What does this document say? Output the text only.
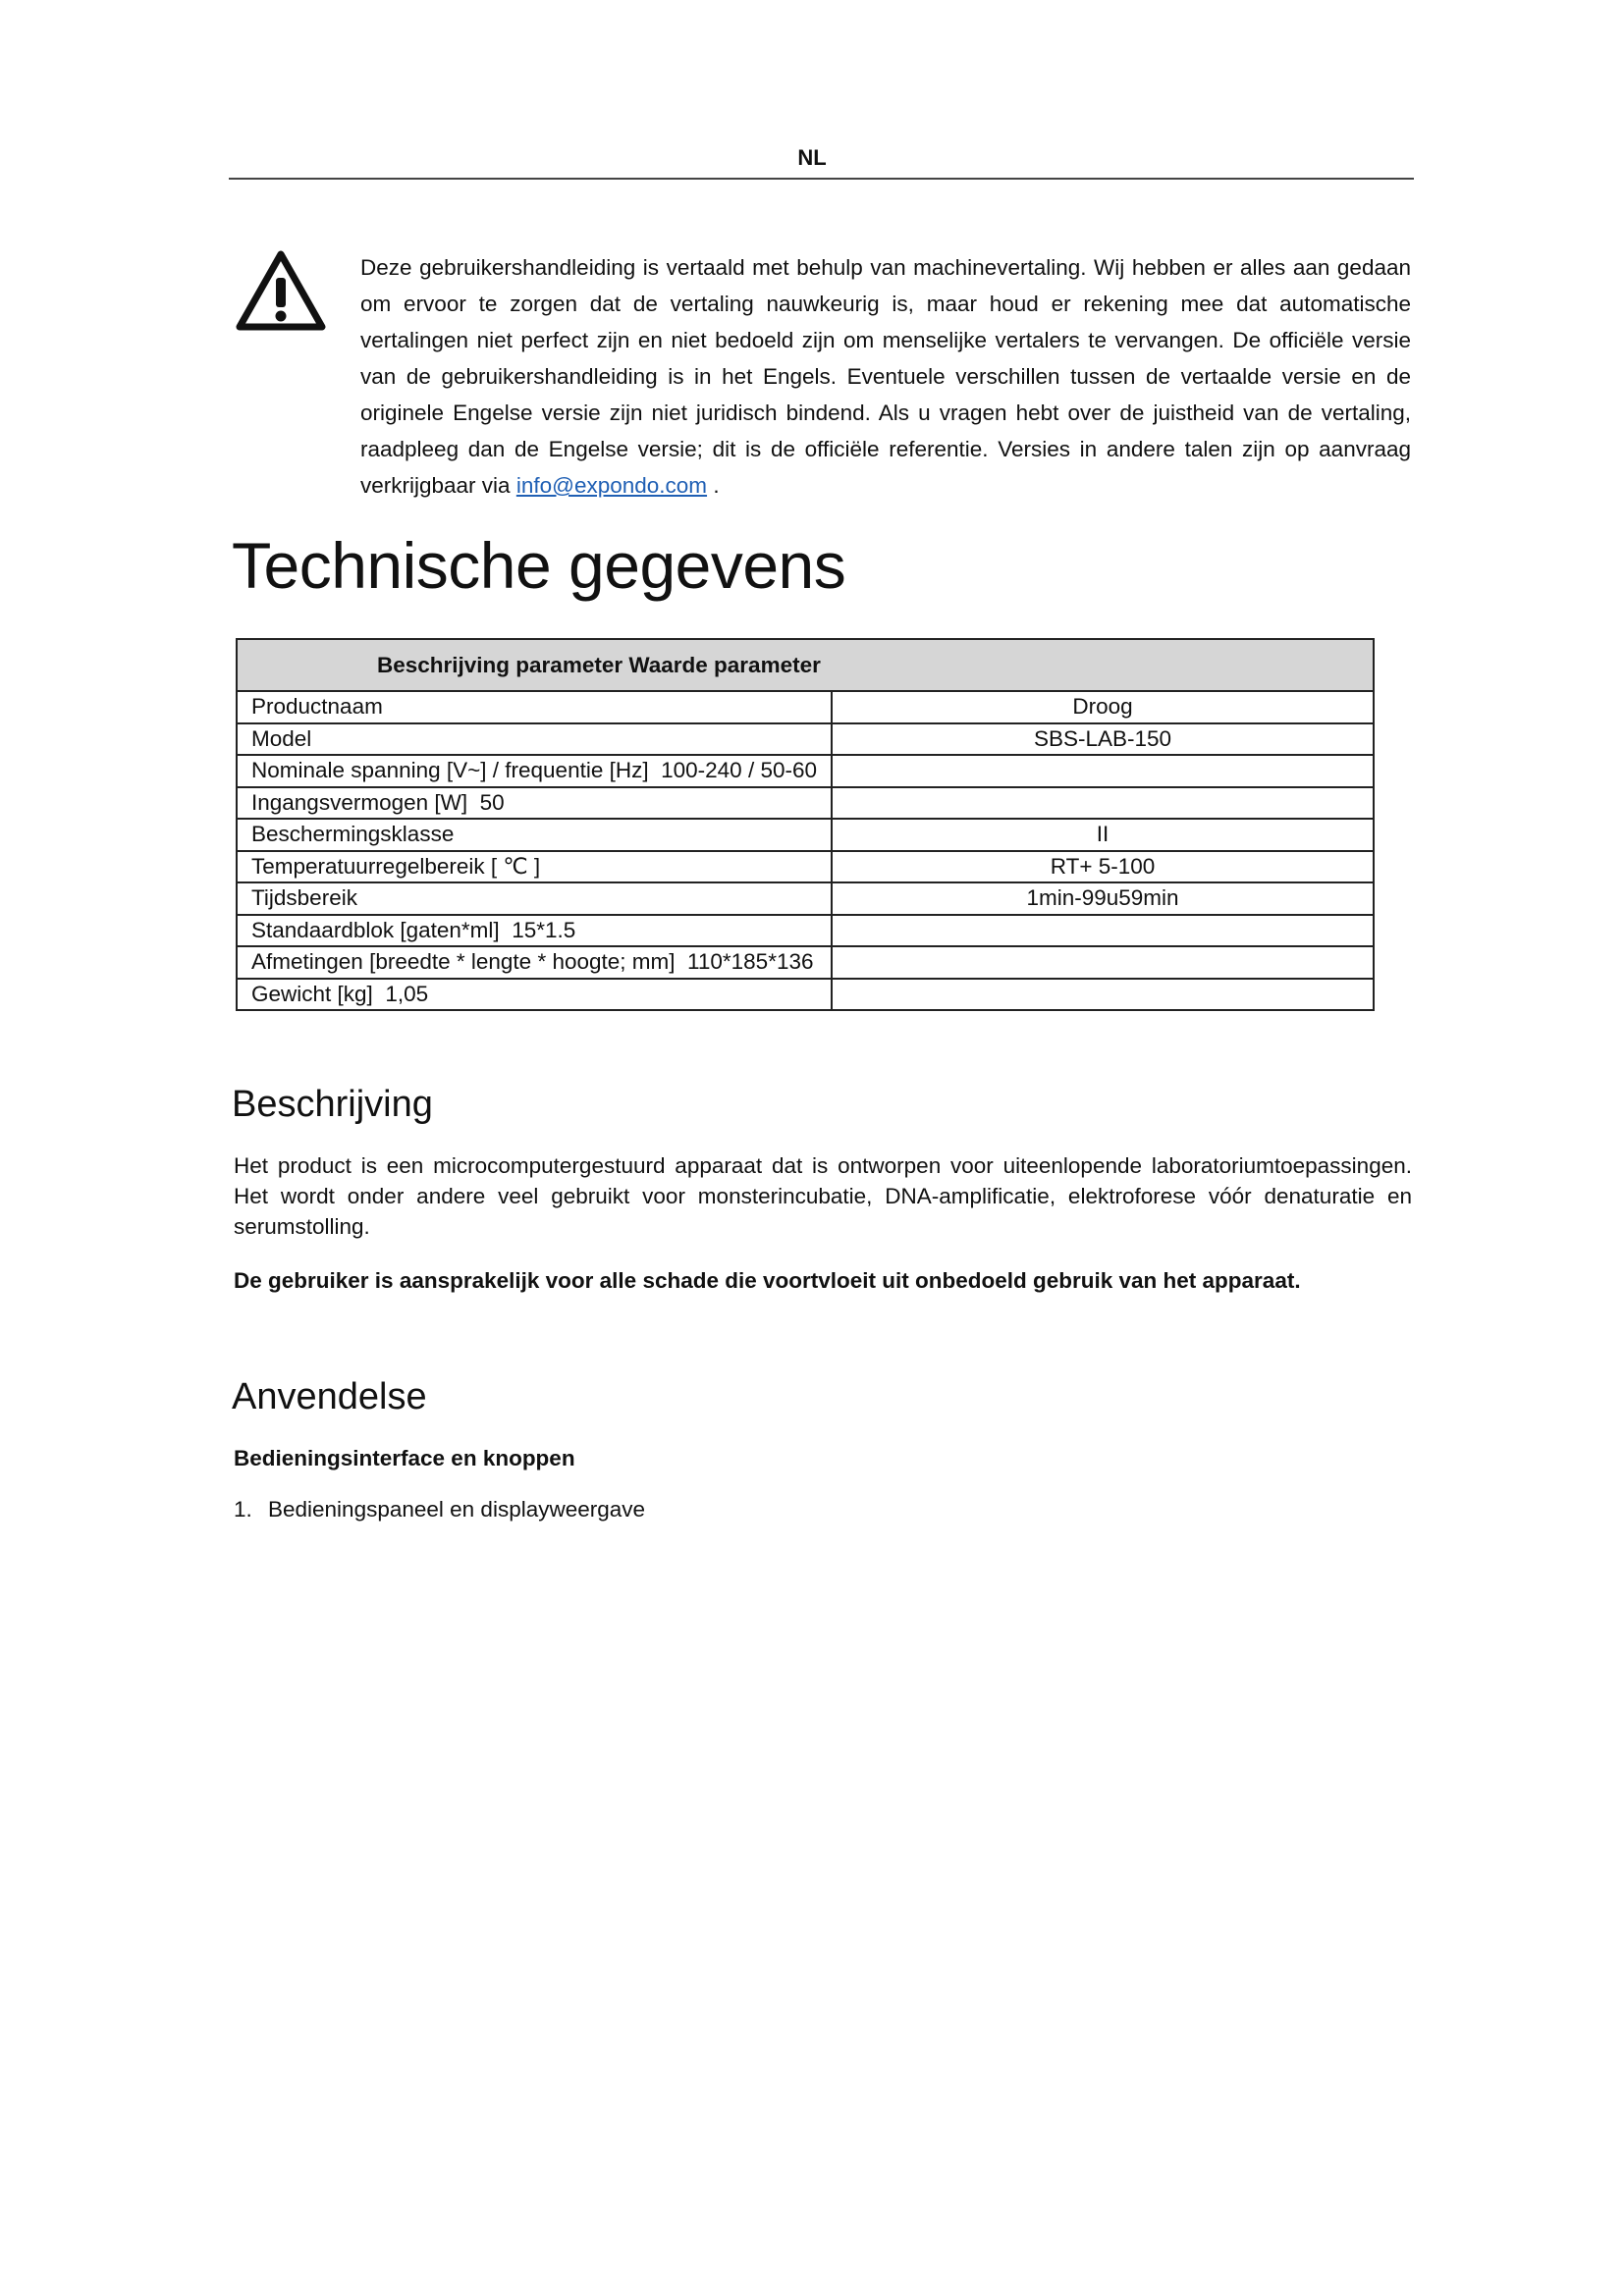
NL
Deze gebruikershandleiding is vertaald met behulp van machinevertaling. Wij hebben er alles aan gedaan om ervoor te zorgen dat de vertaling nauwkeurig is, maar houd er rekening mee dat automatische vertalingen niet perfect zijn en niet bedoeld zijn om menselijke vertalers te vervangen. De officiële versie van de gebruikershandleiding is in het Engels. Eventuele verschillen tussen de vertaalde versie en de originele Engelse versie zijn niet juridisch bindend. Als u vragen hebt over de juistheid van de vertaling, raadpleeg dan de Engelse versie; dit is de officiële referentie. Versies in andere talen zijn op aanvraag verkrijgbaar via info@expondo.com .
Technische gegevens
Beschrijving parameter Waarde parameter	
Productnaam	Droog
Model	SBS-LAB-150
Nominale spanning [V~] / frequentie [Hz] 100-240 / 50-60	
Ingangsvermogen [W] 50	
Beschermingsklasse	II
Temperatuurregelbereik [ ℃ ]	RT+ 5-100
Tijdsbereik	1min-99u59min
Standaardblok [gaten*ml] 15*1.5	
Afmetingen [breedte * lengte * hoogte; mm] 110*185*136	
Gewicht [kg] 1,05	
Beschrijving
Het product is een microcomputergestuurd apparaat dat is ontworpen voor uiteenlopende laboratoriumtoepassingen. Het wordt onder andere veel gebruikt voor monsterincubatie, DNA-amplificatie, elektroforese vóór denaturatie en serumstolling.
De gebruiker is aansprakelijk voor alle schade die voortvloeit uit onbedoeld gebruik van het apparaat.
Anvendelse
Bedieningsinterface en knoppen
1. Bedieningspaneel en displayweergave
